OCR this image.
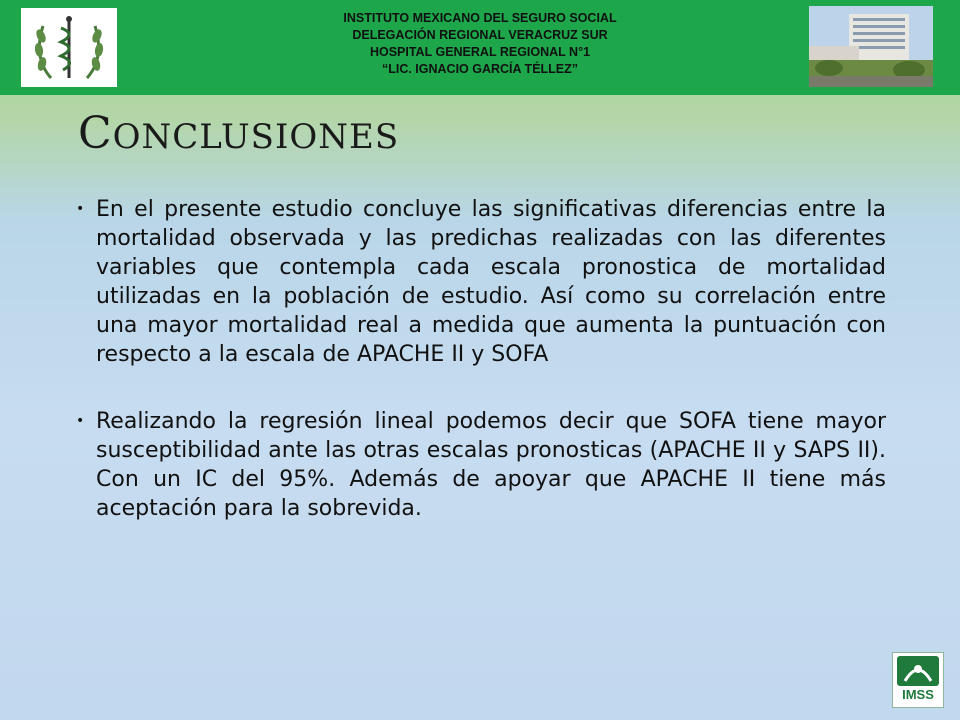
INSTITUTO MEXICANO DEL SEGURO SOCIAL
DELEGACIÓN REGIONAL VERACRUZ SUR
HOSPITAL GENERAL REGIONAL N°1
“LIC. IGNACIO GARCÍA TÉLLEZ”
CONCLUSIONES
• En el presente estudio concluye las significativas diferencias entre la mortalidad observada y las predichas realizadas con las diferentes variables que contempla cada escala pronostica de mortalidad utilizadas en la población de estudio. Así como su correlación entre una mayor mortalidad real a medida que aumenta la puntuación con respecto a la escala de APACHE II y SOFA
• Realizando la regresión lineal podemos decir que SOFA tiene mayor susceptibilidad ante las otras escalas pronosticas (APACHE II y SAPS II). Con un IC del 95%. Además de apoyar que APACHE II tiene más aceptación para la sobrevida.
IMSS
